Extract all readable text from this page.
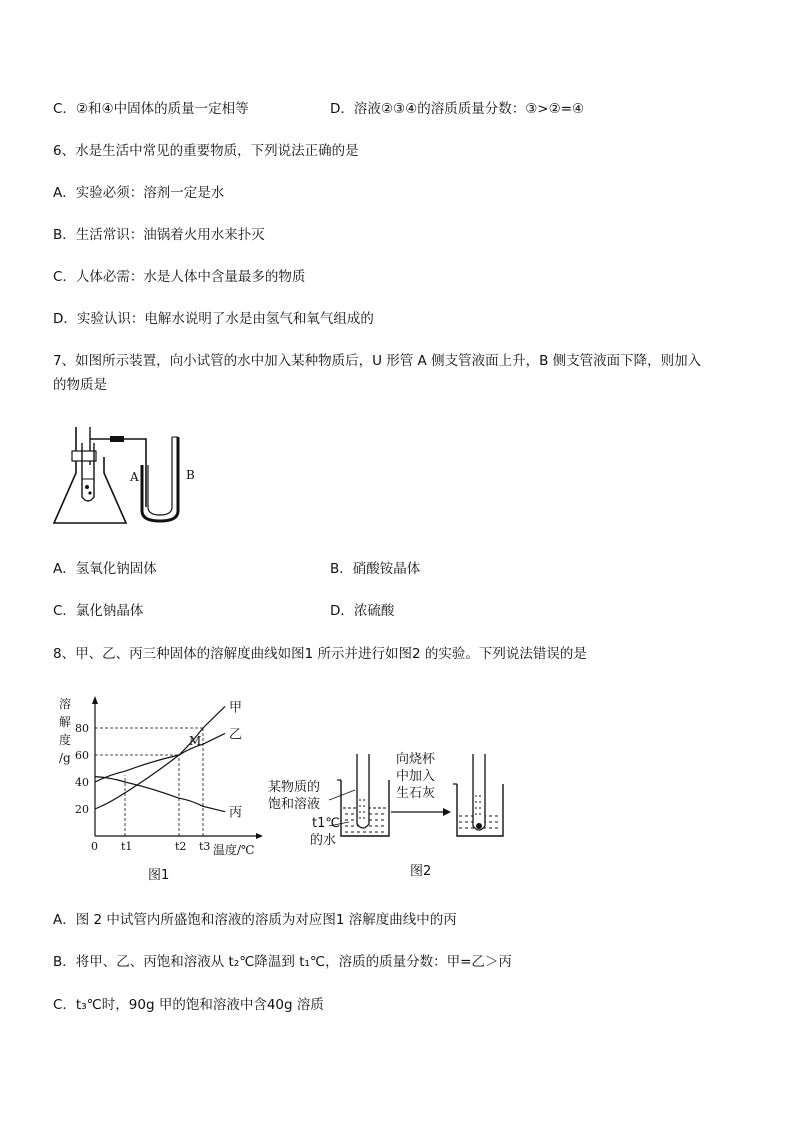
C．②和④中固体的质量一定相等	D．溶液②③④的溶质质量分数：③>②=④
6、水是生活中常见的重要物质，下列说法正确的是
A．实验必须：溶剂一定是水
B．生活常识：油锅着火用水来扑灭
C．人体必需：水是人体中含量最多的物质
D．实验认识：电解水说明了水是由氢气和氧气组成的
7、如图所示装置，向小试管的水中加入某种物质后，U 形管 A 侧支管液面上升，B 侧支管液面下降，则加入
的物质是
A	B
A．氢氧化钠固体	B．硝酸铵晶体
C．氯化钠晶体	D．浓硫酸
8、甲、乙、丙三种固体的溶解度曲线如图1 所示并进行如图2 的实验。下列说法错误的是
甲
乙
丙
M
80
60
40
20
0 t1	t2 t3
溶
解
度
/g
温度/℃
图1
某物质的
饱和溶液
t1℃
的水
向烧杯
中加入
生石灰
图2
A．图 2 中试管内所盛饱和溶液的溶质为对应图1 溶解度曲线中的丙
B．将甲、乙、丙饱和溶液从 t₂℃降温到 t₁℃，溶质的质量分数：甲=乙＞丙
C．t₃℃时，90g 甲的饱和溶液中含40g 溶质
